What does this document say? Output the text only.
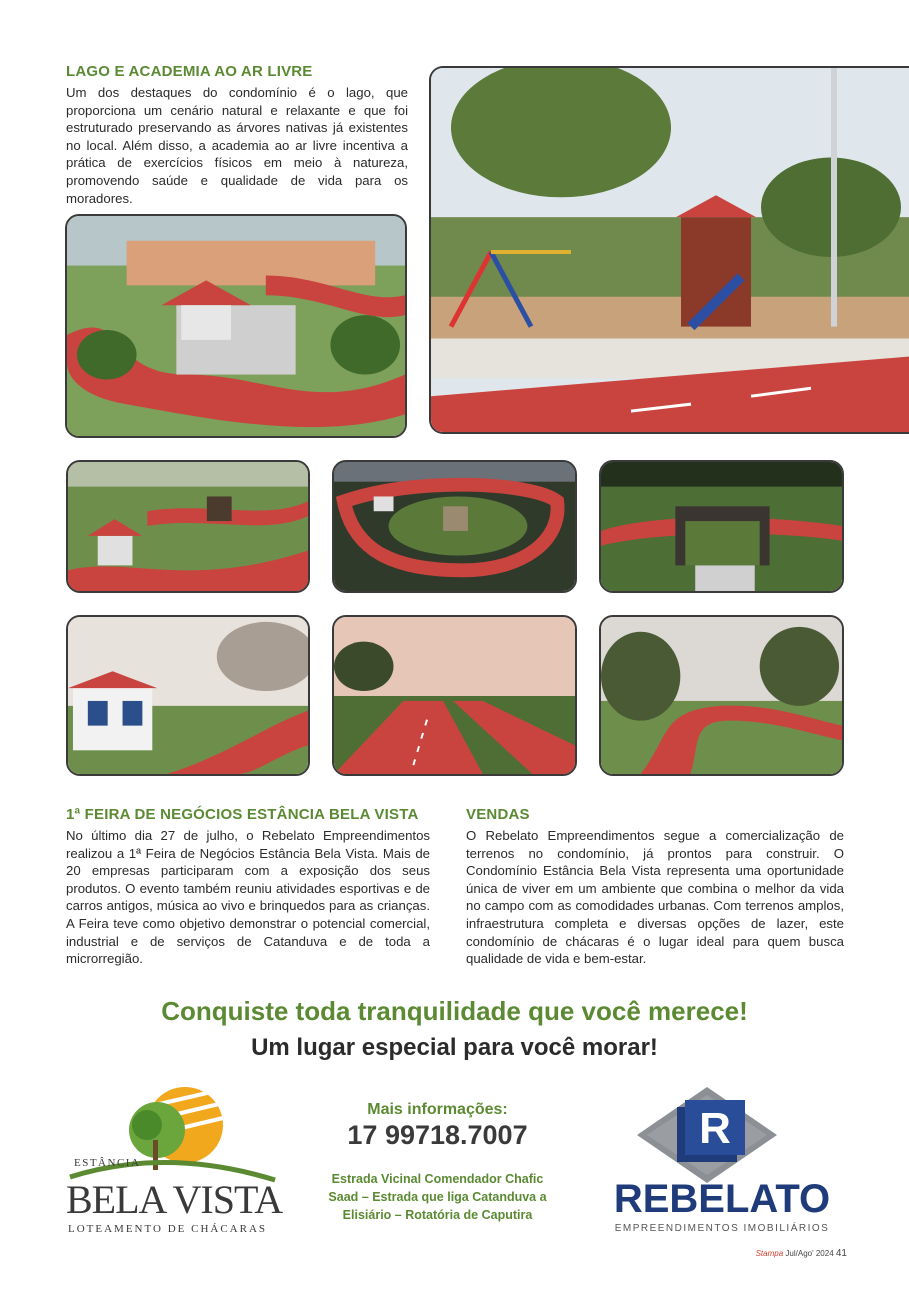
LAGO E ACADEMIA AO AR LIVRE
Um dos destaques do condomínio é o lago, que proporciona um cenário natural e relaxante e que foi estruturado preservando as árvores nativas já existentes no local. Além disso, a academia ao ar livre incentiva a prática de exercícios físicos em meio à natureza, promovendo saúde e qualidade de vida para os moradores.
1ª FEIRA DE NEGÓCIOS ESTÂNCIA BELA VISTA
No último dia 27 de julho, o Rebelato Empreendimentos realizou a 1ª Feira de Negócios Estância Bela Vista. Mais de 20 empresas participaram com a exposição dos seus produtos. O evento também reuniu atividades esportivas e de carros antigos, música ao vivo e brinquedos para as crianças. A Feira teve como objetivo demonstrar o potencial comercial, industrial e de serviços de Catanduva e de toda a microrregião.
VENDAS
O Rebelato Empreendimentos segue a comercialização de terrenos no condomínio, já prontos para construir. O Condomínio Estância Bela Vista representa uma oportunidade única de viver em um ambiente que combina o melhor da vida no campo com as comodidades urbanas. Com terrenos amplos, infraestrutura completa e diversas opções de lazer, este condomínio de chácaras é o lugar ideal para quem busca qualidade de vida e bem-estar.
Conquiste toda tranquilidade que você merece!
Um lugar especial para você morar!
ESTÂNCIA
BELA VISTA
LOTEAMENTO DE CHÁCARAS
Mais informações:
17 99718.7007
Estrada Vicinal Comendador Chafic Saad – Estrada que liga Catanduva a Elisiário – Rotatória de Caputira
R
REBELATO
EMPREENDIMENTOS IMOBILIÁRIOS
Stampa Jul/Ago' 2024 41
